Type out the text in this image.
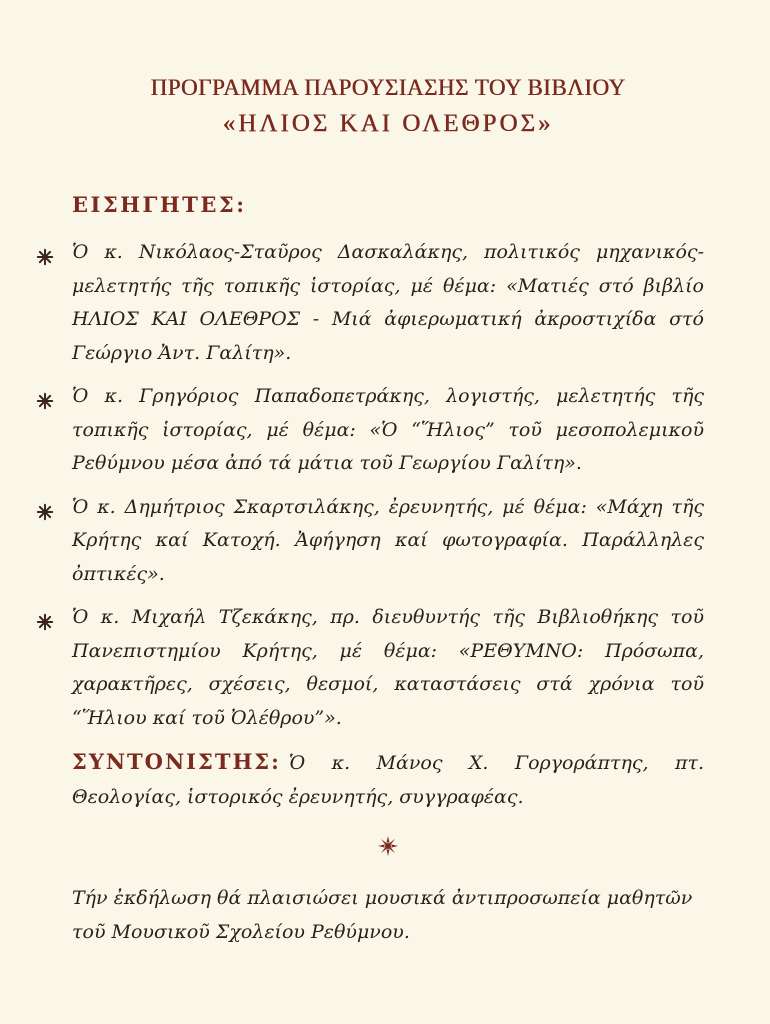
ΠΡΟΓΡΑΜΜΑ ΠΑΡΟΥΣΙΑΣΗΣ ΤΟΥ ΒΙΒΛΙΟΥ
«ΗΛΙΟΣ ΚΑΙ ΟΛΕΘΡΟΣ»
ΕΙΣΗΓΗΤΕΣ:
Ὁ κ. Νικόλαος-Σταῦρος Δασκαλάκης, πολιτικός μηχανικός-μελετητής τῆς τοπικῆς ἱστορίας, μέ θέμα: «Ματιές στό βιβλίο ΗΛΙΟΣ ΚΑΙ ΟΛΕΘΡΟΣ - Μιά ἀφιερωματική ἀκροστιχίδα στό Γεώργιο Ἀντ. Γαλίτη».
Ὁ κ. Γρηγόριος Παπαδοπετράκης, λογιστής, μελετητής τῆς τοπικῆς ἱστορίας, μέ θέμα: «Ὁ “Ἥλιος” τοῦ μεσοπολεμικοῦ Ρεθύμνου μέσα ἀπό τά μάτια τοῦ Γεωργίου Γαλίτη».
Ὁ κ. Δημήτριος Σκαρτσιλάκης, ἐρευνητής, μέ θέμα: «Μάχη τῆς Κρήτης καί Κατοχή. Ἀφήγηση καί φωτογραφία. Παράλληλες ὀπτικές».
Ὁ κ. Μιχαήλ Τζεκάκης, πρ. διευθυντής τῆς Βιβλιοθήκης τοῦ Πανεπιστημίου Κρήτης, μέ θέμα: «ΡΕΘΥΜΝΟ: Πρόσωπα, χαρακτῆρες, σχέσεις, θεσμοί, καταστάσεις στά χρόνια τοῦ “Ἥλιου καί τοῦ Ὀλέθρου”».
ΣΥΝΤΟΝΙΣΤΗΣ: Ὁ κ. Μάνος Χ. Γοργοράπτης, πτ. Θεολογίας, ἱστορικός ἐρευνητής, συγγραφέας.
Τήν ἐκδήλωση θά πλαισιώσει μουσικά ἀντιπροσωπεία μαθητῶν τοῦ Μουσικοῦ Σχολείου Ρεθύμνου.
